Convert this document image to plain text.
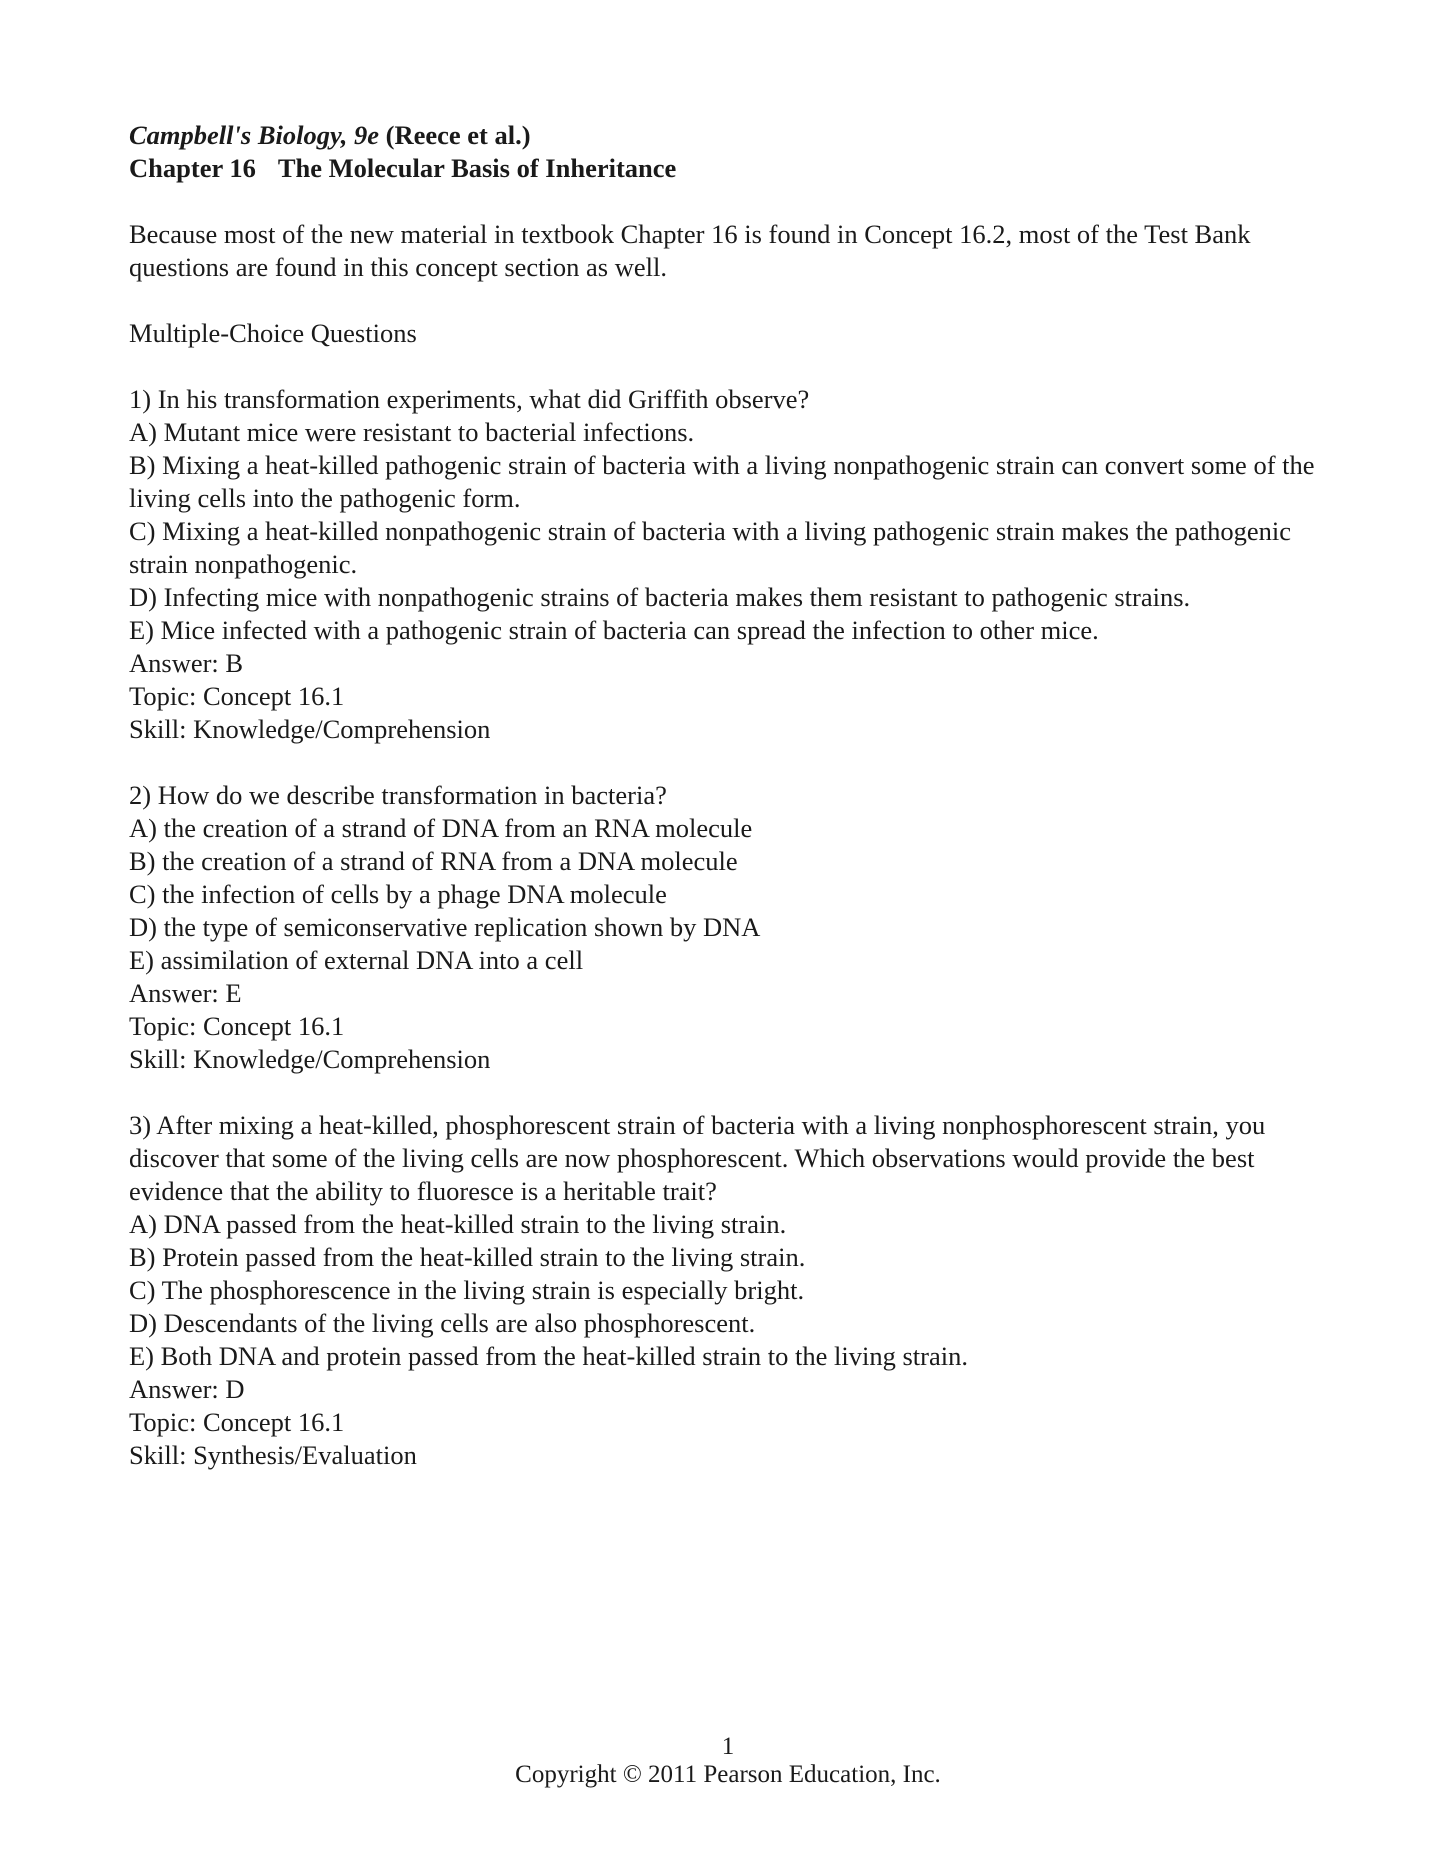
Campbell's Biology, 9e (Reece et al.)
Chapter 16 The Molecular Basis of Inheritance
Because most of the new material in textbook Chapter 16 is found in Concept 16.2, most of the Test Bank questions are found in this concept section as well.
Multiple-Choice Questions
1) In his transformation experiments, what did Griffith observe?
A) Mutant mice were resistant to bacterial infections.
B) Mixing a heat-killed pathogenic strain of bacteria with a living nonpathogenic strain can convert some of the living cells into the pathogenic form.
C) Mixing a heat-killed nonpathogenic strain of bacteria with a living pathogenic strain makes the pathogenic strain nonpathogenic.
D) Infecting mice with nonpathogenic strains of bacteria makes them resistant to pathogenic strains.
E) Mice infected with a pathogenic strain of bacteria can spread the infection to other mice.
Answer: B
Topic: Concept 16.1
Skill: Knowledge/Comprehension
2) How do we describe transformation in bacteria?
A) the creation of a strand of DNA from an RNA molecule
B) the creation of a strand of RNA from a DNA molecule
C) the infection of cells by a phage DNA molecule
D) the type of semiconservative replication shown by DNA
E) assimilation of external DNA into a cell
Answer: E
Topic: Concept 16.1
Skill: Knowledge/Comprehension
3) After mixing a heat-killed, phosphorescent strain of bacteria with a living nonphosphorescent strain, you discover that some of the living cells are now phosphorescent. Which observations would provide the best evidence that the ability to fluoresce is a heritable trait?
A) DNA passed from the heat-killed strain to the living strain.
B) Protein passed from the heat-killed strain to the living strain.
C) The phosphorescence in the living strain is especially bright.
D) Descendants of the living cells are also phosphorescent.
E) Both DNA and protein passed from the heat-killed strain to the living strain.
Answer: D
Topic: Concept 16.1
Skill: Synthesis/Evaluation
1
Copyright © 2011 Pearson Education, Inc.
